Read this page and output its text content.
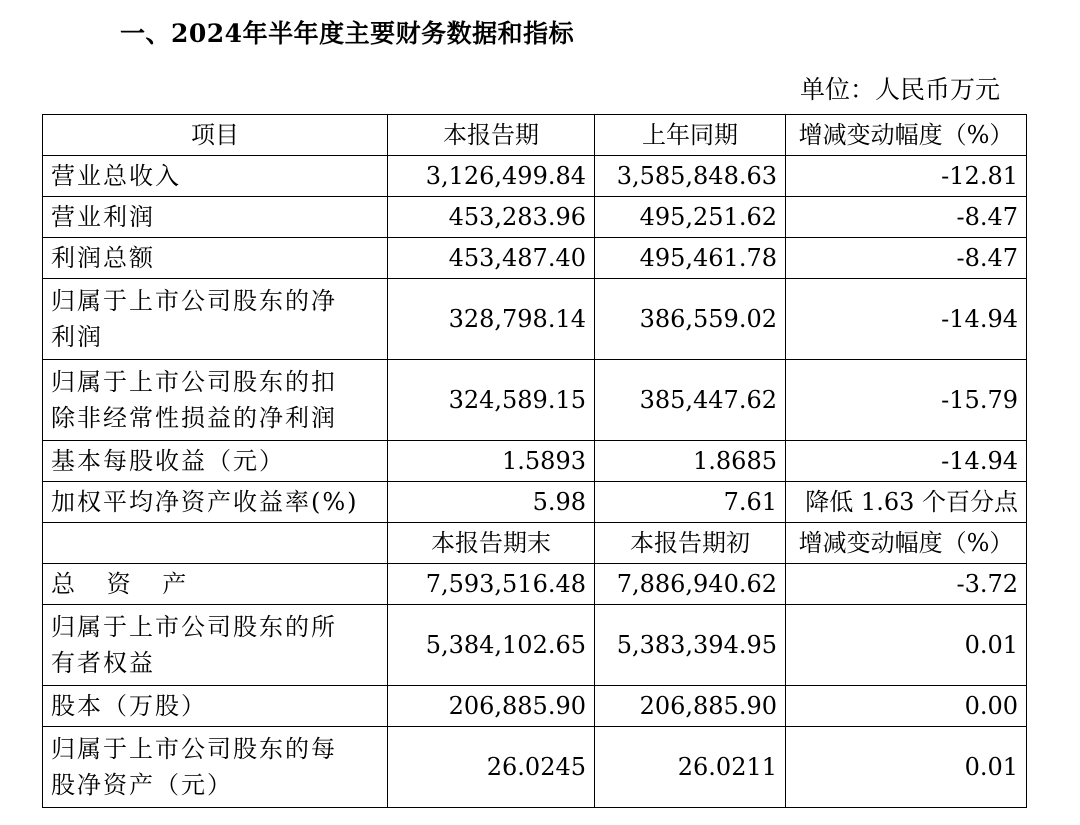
一、2024年半年度主要财务数据和指标
单位：人民币万元
项目	本报告期	上年同期	增减变动幅度（%）

营业总收入	3,126,499.84	3,585,848.63	-12.81

营业利润	453,283.96	495,251.62	-8.47

利润总额	453,487.40	495,461.78	-8.47

归属于上市公司股东的净
利润	328,798.14	386,559.02	-14.94

归属于上市公司股东的扣
除非经常性损益的净利润	324,589.15	385,447.62	-15.79

基本每股收益（元）	1.5893	1.8685	-14.94

加权平均净资产收益率(%)	5.98	7.61	降低 1.63 个百分点
	本报告期末	本报告期初	增减变动幅度（%）

总 资 产	7,593,516.48	7,886,940.62	-3.72

归属于上市公司股东的所
有者权益	5,384,102.65	5,383,394.95	0.01

股本（万股）	206,885.90	206,885.90	0.00

归属于上市公司股东的每
股净资产（元）	26.0245	26.0211	0.01
